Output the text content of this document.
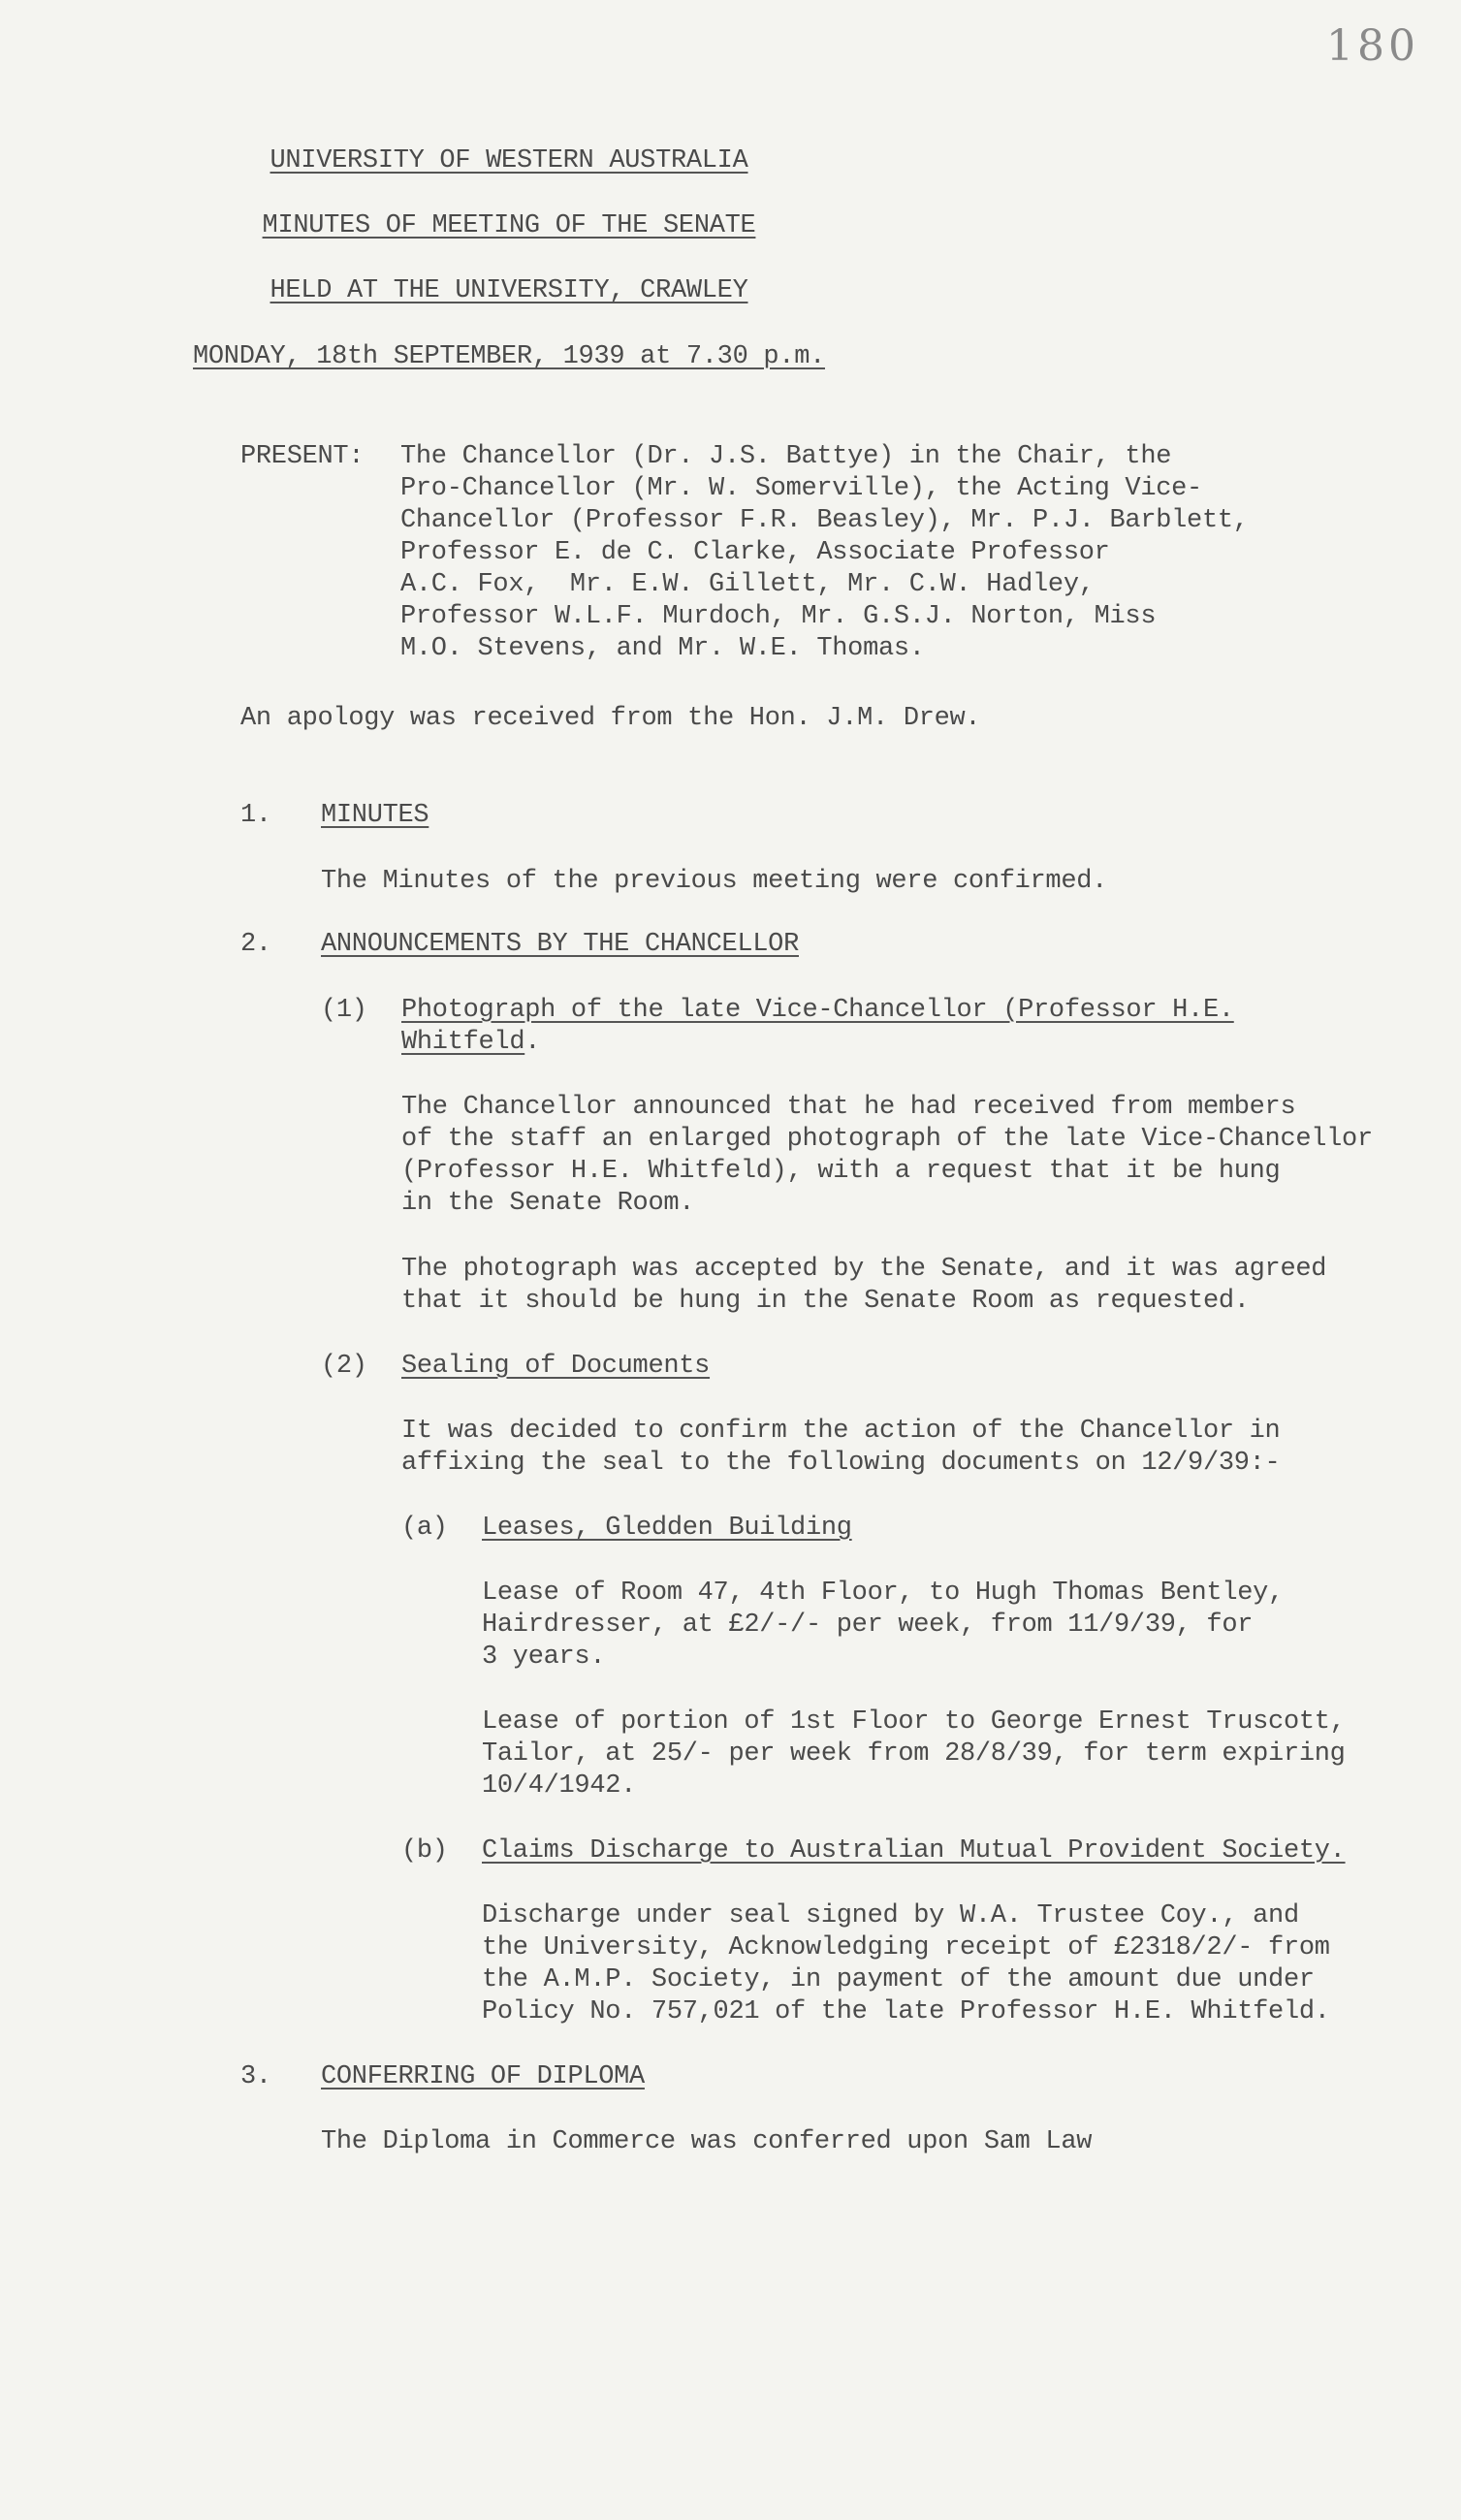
180
UNIVERSITY OF WESTERN AUSTRALIA
MINUTES OF MEETING OF THE SENATE
HELD AT THE UNIVERSITY, CRAWLEY
MONDAY, 18th SEPTEMBER, 1939 at 7.30 p.m.
PRESENT: The Chancellor (Dr. J.S. Battye) in the Chair, the
Pro-Chancellor (Mr. W. Somerville), the Acting Vice-
Chancellor (Professor F.R. Beasley), Mr. P.J. Barblett,
Professor E. de C. Clarke, Associate Professor
A.C. Fox,  Mr. E.W. Gillett, Mr. C.W. Hadley,
Professor W.L.F. Murdoch, Mr. G.S.J. Norton, Miss
M.O. Stevens, and Mr. W.E. Thomas.
An apology was received from the Hon. J.M. Drew.
1. MINUTES
The Minutes of the previous meeting were confirmed.
2. ANNOUNCEMENTS BY THE CHANCELLOR
(1) Photograph of the late Vice-Chancellor (Professor H.E.
Whitfeld.
The Chancellor announced that he had received from members
of the staff an enlarged photograph of the late Vice-Chancellor
(Professor H.E. Whitfeld), with a request that it be hung
in the Senate Room.
The photograph was accepted by the Senate, and it was agreed
that it should be hung in the Senate Room as requested.
(2) Sealing of Documents
It was decided to confirm the action of the Chancellor in
affixing the seal to the following documents on 12/9/39:-
(a) Leases, Gledden Building
Lease of Room 47, 4th Floor, to Hugh Thomas Bentley,
Hairdresser, at £2/-/- per week, from 11/9/39, for
3 years.
Lease of portion of 1st Floor to George Ernest Truscott,
Tailor, at 25/- per week from 28/8/39, for term expiring
10/4/1942.
(b) Claims Discharge to Australian Mutual Provident Society.
Discharge under seal signed by W.A. Trustee Coy., and
the University, Acknowledging receipt of £2318/2/- from
the A.M.P. Society, in payment of the amount due under
Policy No. 757,021 of the late Professor H.E. Whitfeld.
3. CONFERRING OF DIPLOMA
The Diploma in Commerce was conferred upon Sam Law
